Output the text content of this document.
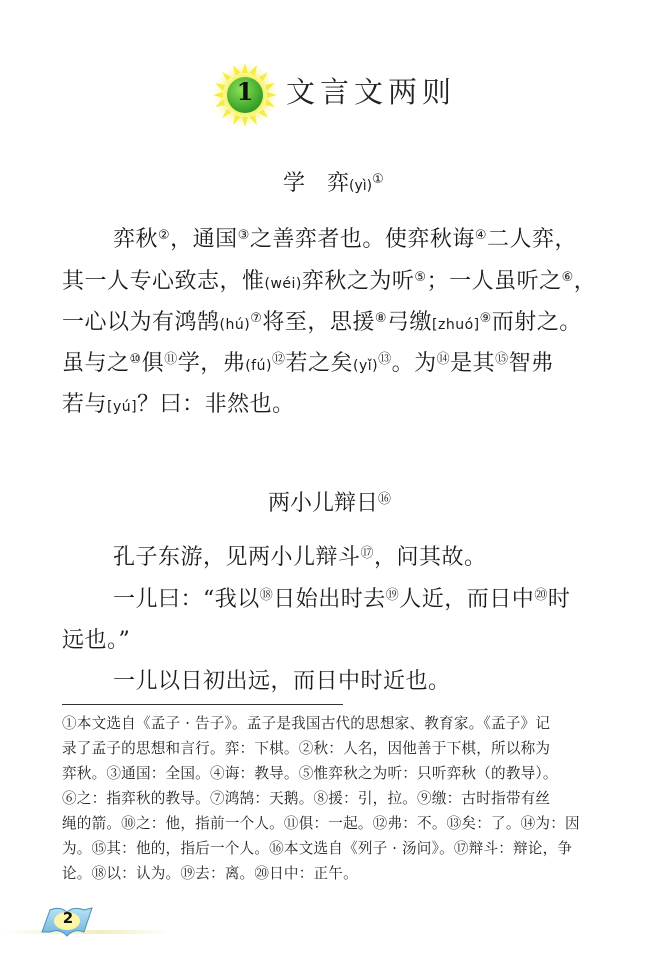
1	文言文两则
学 弈(yì)①
弈秋②，通国③之善弈者也。使弈秋诲④二人弈，
其一人专心致志，惟(wéi)弈秋之为听⑤；一人虽听之⑥，
一心以为有鸿鹄(hú)⑦将至，思援⑧弓缴[zhuó]⑨而射之。
虽与之⑩俱⑪学，弗(fú)⑫若之矣(yǐ)⑬。为⑭是其⑮智弗
若与[yú]？曰：非然也。
两小儿辩日⑯
孔子东游，见两小儿辩斗⑰，问其故。
一儿曰：“我以⑱日始出时去⑲人近，而日中⑳时
远也。”
一儿以日初出远，而日中时近也。
①本文选自《孟子 · 告子》。孟子是我国古代的思想家、教育家。《孟子》记
录了孟子的思想和言行。弈：下棋。②秋：人名，因他善于下棋，所以称为
弈秋。③通国：全国。④诲：教导。⑤惟弈秋之为听：只听弈秋（的教导）。
⑥之：指弈秋的教导。⑦鸿鹄：天鹅。⑧援：引，拉。⑨缴：古时指带有丝
绳的箭。⑩之：他，指前一个人。⑪俱：一起。⑫弗：不。⑬矣：了。⑭为：因
为。⑮其：他的，指后一个人。⑯本文选自《列子 · 汤问》。⑰辩斗：辩论，争
论。⑱以：认为。⑲去：离。⑳日中：正午。
2
